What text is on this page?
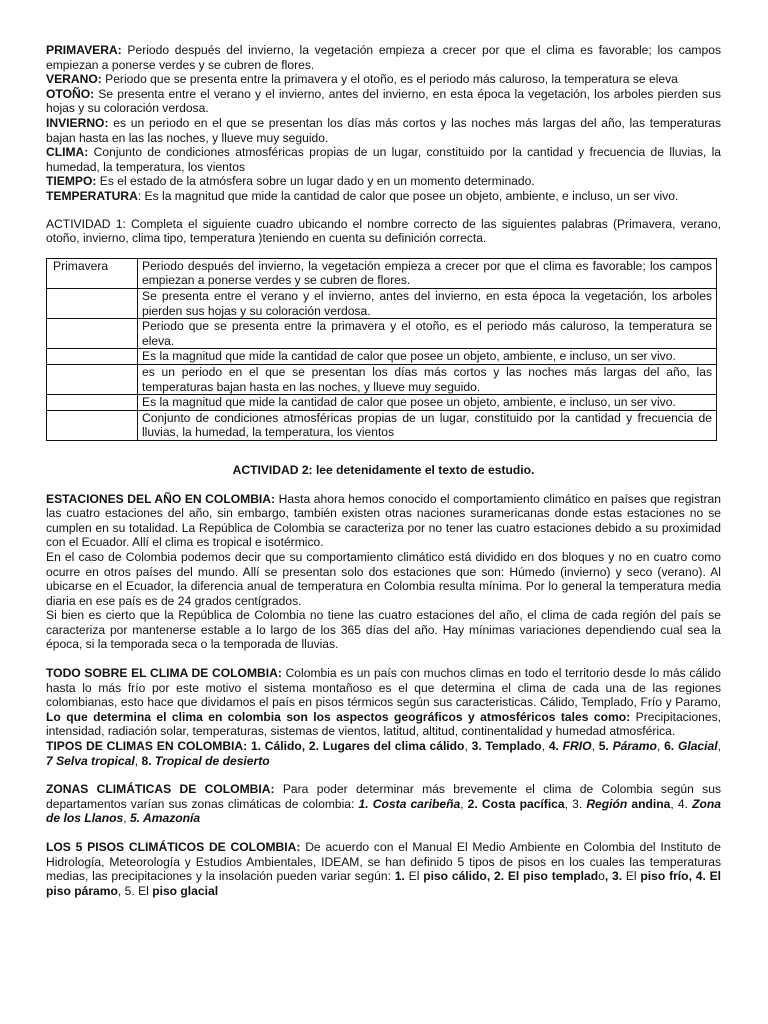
PRIMAVERA: Periodo después del invierno, la vegetación empieza a crecer por que el clima es favorable; los campos empiezan a ponerse verdes y se cubren de flores.

VERANO: Periodo que se presenta entre la primavera y el otoño, es el periodo más caluroso, la temperatura se eleva

OTOÑO: Se presenta entre el verano y el invierno, antes del invierno, en esta época la vegetación, los arboles pierden sus hojas y su coloración verdosa.

INVIERNO: es un periodo en el que se presentan los días más cortos y las noches más largas del año, las temperaturas bajan hasta en las las noches, y llueve muy seguido.

CLIMA: Conjunto de condiciones atmosféricas propias de un lugar, constituido por la cantidad y frecuencia de lluvias, la humedad, la temperatura, los vientos

TIEMPO: Es el estado de la atmósfera sobre un lugar dado y en un momento determinado.

TEMPERATURA: Es la magnitud que mide la cantidad de calor que posee un objeto, ambiente, e incluso, un ser vivo.

ACTIVIDAD 1: Completa el siguiente cuadro ubicando el nombre correcto de las siguientes palabras (Primavera, verano, otoño, invierno, clima tipo, temperatura )teniendo en cuenta su definición correcta.

Primavera	Periodo después del invierno, la vegetación empieza a crecer por que el clima es favorable; los campos empiezan a ponerse verdes y se cubren de flores.
	Se presenta entre el verano y el invierno, antes del invierno, en esta época la vegetación, los arboles pierden sus hojas y su coloración verdosa.
	Periodo que se presenta entre la primavera y el otoño, es el periodo más caluroso, la temperatura se eleva.
	Es la magnitud que mide la cantidad de calor que posee un objeto, ambiente, e incluso, un ser vivo.
	es un periodo en el que se presentan los días más cortos y las noches más largas del año, las temperaturas bajan hasta en las noches, y llueve muy seguido.
	Es la magnitud que mide la cantidad de calor que posee un objeto, ambiente, e incluso, un ser vivo.
	Conjunto de condiciones atmosféricas propias de un lugar, constituido por la cantidad y frecuencia de lluvias, la humedad, la temperatura, los vientos
ACTIVIDAD 2: lee detenidamente el texto de estudio.

ESTACIONES DEL AÑO EN COLOMBIA: Hasta ahora hemos conocido el comportamiento climático en países que registran las cuatro estaciones del año, sin embargo, también existen otras naciones suramericanas donde estas estaciones no se cumplen en su totalidad. La República de Colombia se caracteriza por no tener las cuatro estaciones debido a su proximidad con el Ecuador. Allí el clima es tropical e isotérmico.

En el caso de Colombia podemos decir que su comportamiento climático está dividido en dos bloques y no en cuatro como ocurre en otros países del mundo. Allí se presentan solo dos estaciones que son: Húmedo (invierno) y seco (verano). Al ubicarse en el Ecuador, la diferencia anual de temperatura en Colombia resulta mínima. Por lo general la temperatura media diaria en ese país es de 24 grados centígrados.

Si bien es cierto que la República de Colombia no tiene las cuatro estaciones del año, el clima de cada región del país se caracteriza por mantenerse estable a lo largo de los 365 días del año. Hay mínimas variaciones dependiendo cual sea la época, si la temporada seca o la temporada de lluvias.

TODO SOBRE EL CLIMA DE COLOMBIA: Colombia es un país con muchos climas en todo el territorio desde lo más cálido hasta lo más frío por este motivo el sistema montañoso es el que determina el clima de cada una de las regiones colombianas, esto hace que dividamos el país en pisos térmicos según sus caracteristicas. Cálido, Templado, Frío y Paramo, Lo que determina el clima en colombia son los aspectos geográficos y atmosféricos tales como: Precipitaciones, intensidad, radiación solar, temperaturas, sistemas de vientos, latitud, altitud, continentalidad y humedad atmosférica.

TIPOS DE CLIMAS EN COLOMBIA: 1. Cálido, 2. Lugares del clima cálido, 3. Templado, 4. FRIO, 5. Páramo, 6. Glacial, 7 Selva tropical, 8. Tropical de desierto

ZONAS CLIMÁTICAS DE COLOMBIA: Para poder determinar más brevemente el clima de Colombia según sus departamentos varían sus zonas climáticas de colombia: 1. Costa caribeña, 2. Costa pacífica, 3. Región andina, 4. Zona de los Llanos, 5. Amazonía

LOS 5 PISOS CLIMÁTICOS DE COLOMBIA: De acuerdo con el Manual El Medio Ambiente en Colombia del Instituto de Hidrología, Meteorología y Estudios Ambientales, IDEAM, se han definido 5 tipos de pisos en los cuales las temperaturas medias, las precipitaciones y la insolación pueden variar según: 1. El piso cálido, 2. El piso templado, 3. El piso frío, 4. El piso páramo, 5. El piso glacial
